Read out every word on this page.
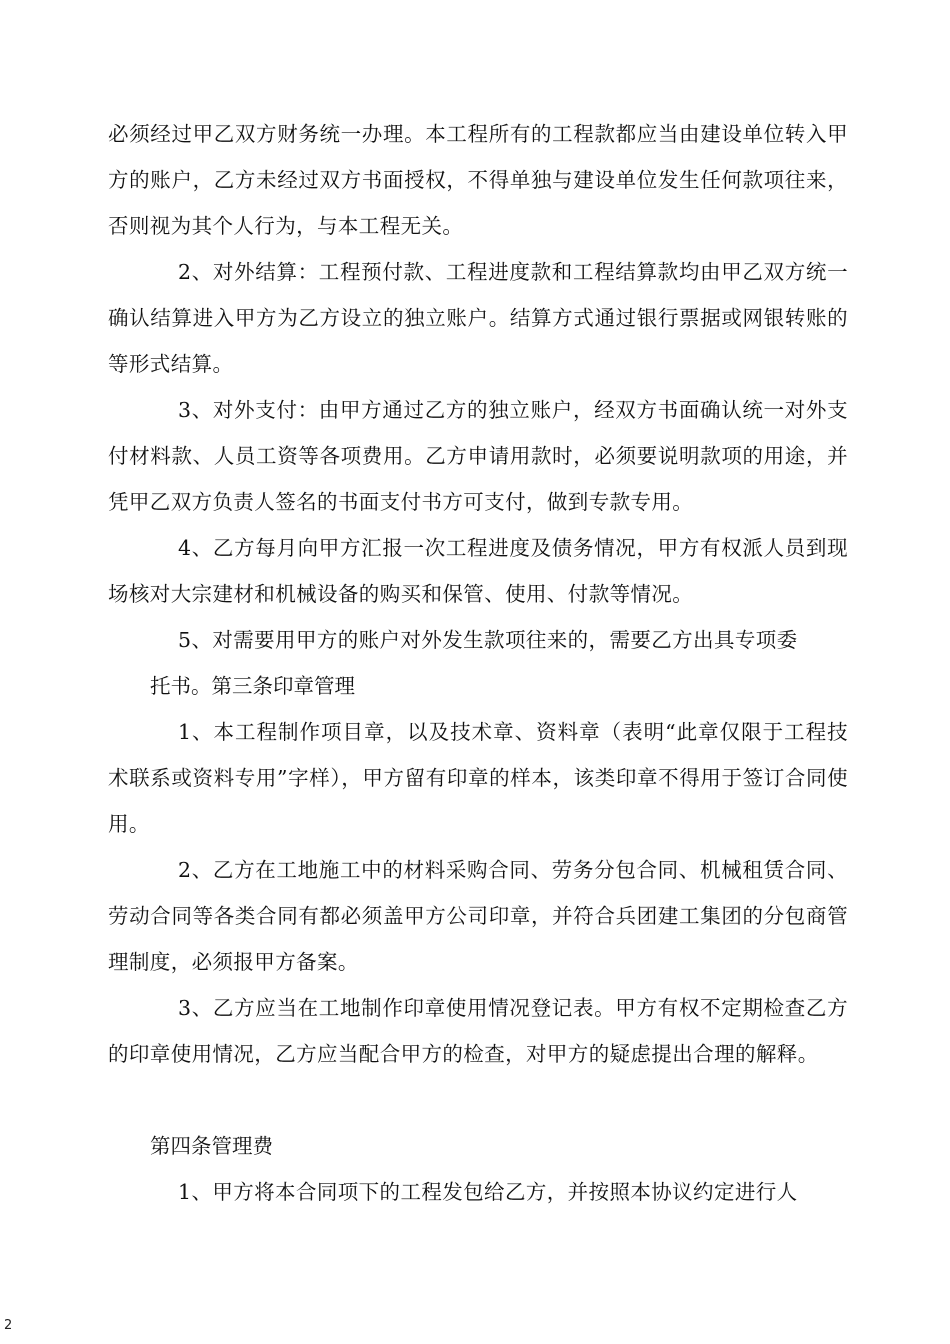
必须经过甲乙双方财务统一办理。本工程所有的工程款都应当由建设单位转入甲方的账户，乙方未经过双方书面授权，不得单独与建设单位发生任何款项往来，否则视为其个人行为，与本工程无关。

2、对外结算：工程预付款、工程进度款和工程结算款均由甲乙双方统一确认结算进入甲方为乙方设立的独立账户。结算方式通过银行票据或网银转账的等形式结算。

3、对外支付：由甲方通过乙方的独立账户，经双方书面确认统一对外支付材料款、人员工资等各项费用。乙方申请用款时，必须要说明款项的用途，并凭甲乙双方负责人签名的书面支付书方可支付，做到专款专用。

4、乙方每月向甲方汇报一次工程进度及债务情况，甲方有权派人员到现场核对大宗建材和机械设备的购买和保管、使用、付款等情况。

5、对需要用甲方的账户对外发生款项往来的，需要乙方出具专项委

托书。第三条印章管理

1、本工程制作项目章，以及技术章、资料章（表明“此章仅限于工程技术联系或资料专用”字样），甲方留有印章的样本，该类印章不得用于签订合同使用。

2、乙方在工地施工中的材料采购合同、劳务分包合同、机械租赁合同、劳动合同等各类合同有都必须盖甲方公司印章，并符合兵团建工集团的分包商管理制度，必须报甲方备案。

3、乙方应当在工地制作印章使用情况登记表。甲方有权不定期检查乙方的印章使用情况，乙方应当配合甲方的检查，对甲方的疑虑提出合理的解释。

第四条管理费

1、甲方将本合同项下的工程发包给乙方，并按照本协议约定进行人

2
